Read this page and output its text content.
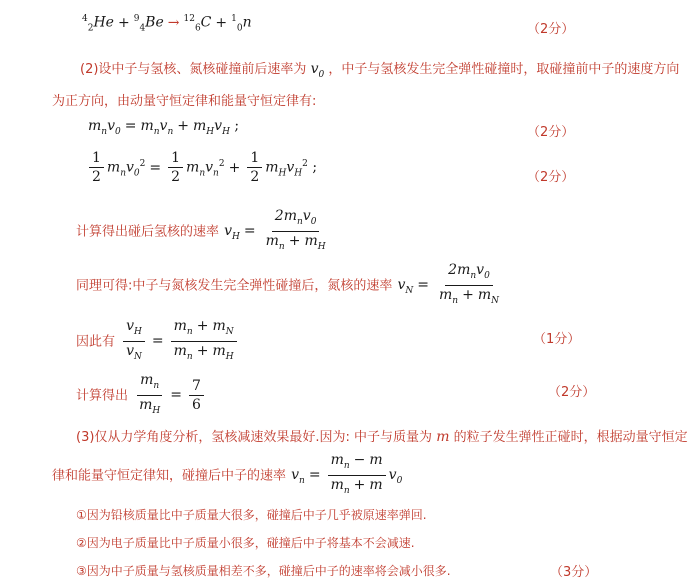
$^4_2$He + $^9_4$Be → $^{12}_6$C + $^1_0$n	（2分）
(2)设中子与氢核、氮核碰撞前后速率为 $v_0$ ，中子与氢核发生完全弹性碰撞时，取碰撞前中子的速度方向
为正方向，由动量守恒定律和能量守恒定律有:
$m_nv_0 = m_nv_n + m_Hv_H$ ;	（2分）
$\frac{1}{2} m_nv_0^2 = \frac{1}{2} m_nv_n^2 + \frac{1}{2} m_Hv_H^2$ ;
（2分）
计算得出碰后氢核的速率 $v_H = \frac{2m_nv_0}{m_n + m_H}$
同理可得:中子与氮核发生完全弹性碰撞后，氮核的速率 $v_N = \frac{2m_nv_0}{m_n + m_N}$
因此有 $\frac{v_H}{v_N} = \frac{m_n + m_N}{m_n + m_H}$	（1分）
计算得出 $\frac{m_n}{m_H} = \frac{7}{6}$	（2分）
(3)仅从力学角度分析，氢核减速效果最好.因为: 中子与质量为 m 的粒子发生弹性正碰时，根据动量守恒定
律和能量守恒定律知，碰撞后中子的速率 $v_n = \frac{m_n - m}{m_n + m} v_0$
①因为铅核质量比中子质量大很多，碰撞后中子几乎被原速率弹回.
②因为电子质量比中子质量小很多，碰撞后中子将基本不会减速.
③因为中子质量与氢核质量相差不多，碰撞后中子的速率将会减小很多.	（3分）
